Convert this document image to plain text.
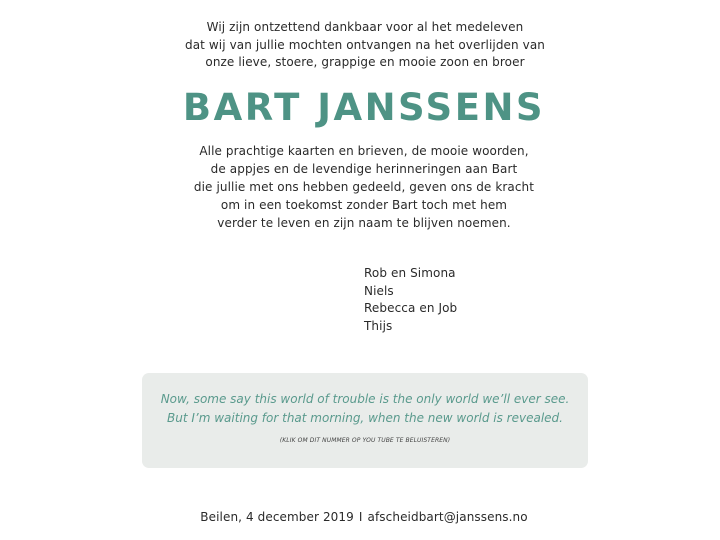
Wij zijn ontzettend dankbaar voor al het medeleven
dat wij van jullie mochten ontvangen na het overlijden van
onze lieve, stoere, grappige en mooie zoon en broer
BART JANSSENS
Alle prachtige kaarten en brieven, de mooie woorden,
de appjes en de levendige herinneringen aan Bart
die jullie met ons hebben gedeeld, geven ons de kracht
om in een toekomst zonder Bart toch met hem
verder te leven en zijn naam te blijven noemen.
Rob en Simona
Niels
Rebecca en Job
Thijs
Now, some say this world of trouble is the only world we’ll ever see.
But I’m waiting for that morning, when the new world is revealed.
(KLIK OM DIT NUMMER OP YOU TUBE TE BELUISTEREN)
Beilen, 4 december 2019 I afscheidbart@janssens.no
